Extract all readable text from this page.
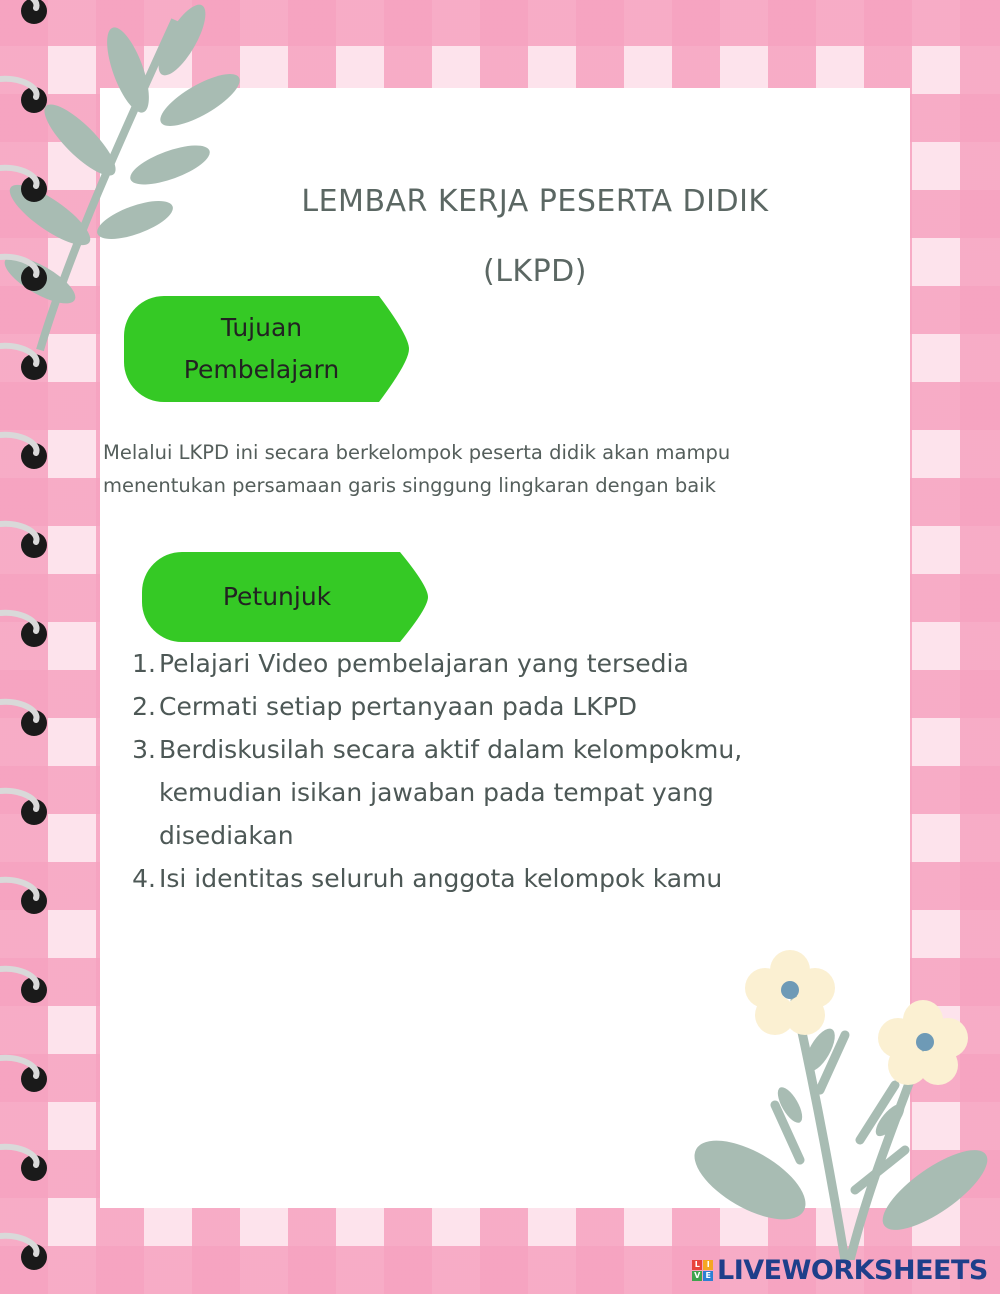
LEMBAR KERJA PESERTA DIDIK
(LKPD)
Tujuan
Pembelajarn
Melalui LKPD ini secara berkelompok peserta didik akan mampu
menentukan persamaan garis singgung lingkaran dengan baik
Petunjuk
1. Pelajari Video pembelajaran yang tersedia
2. Cermati setiap pertanyaan pada LKPD
3. Berdiskusilah secara aktif dalam kelompokmu,
kemudian isikan jawaban pada tempat yang
disediakan
4. Isi identitas seluruh anggota kelompok kamu
L I
V E LIVEWORKSHEETS
